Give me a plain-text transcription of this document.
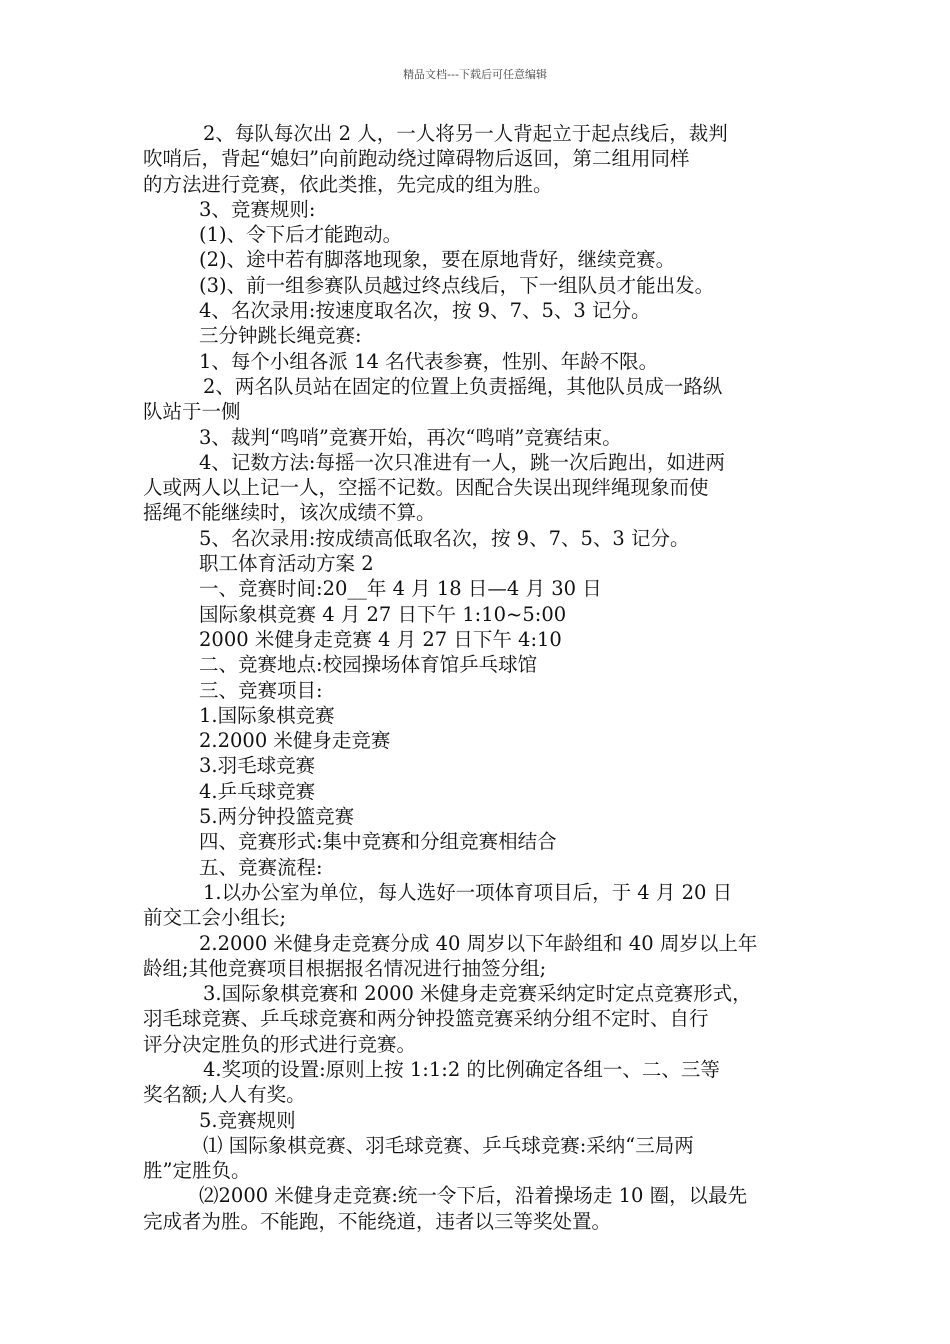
精品文档---下载后可任意编辑

2、每队每次出 2 人，一人将另一人背起立于起点线后，裁判

吹哨后，背起“媳妇”向前跑动绕过障碍物后返回，第二组用同样

的方法进行竞赛，依此类推，先完成的组为胜。

3、竞赛规则:

(1)、令下后才能跑动。

(2)、途中若有脚落地现象，要在原地背好，继续竞赛。

(3)、前一组参赛队员越过终点线后，下一组队员才能出发。

4、名次录用:按速度取名次，按 9、7、5、3 记分。

三分钟跳长绳竞赛:

1、每个小组各派 14 名代表参赛，性别、年龄不限。

2、两名队员站在固定的位置上负责摇绳，其他队员成一路纵

队站于一侧

3、裁判“鸣哨”竞赛开始，再次“鸣哨”竞赛结束。

4、记数方法:每摇一次只准进有一人，跳一次后跑出，如进两

人或两人以上记一人，空摇不记数。因配合失误出现绊绳现象而使

摇绳不能继续时，该次成绩不算。

5、名次录用:按成绩高低取名次，按 9、7、5、3 记分。

职工体育活动方案 2

一、竞赛时间:20__年 4 月 18 日—4 月 30 日

国际象棋竞赛 4 月 27 日下午 1:10~5:00

2000 米健身走竞赛 4 月 27 日下午 4:10

二、竞赛地点:校园操场体育馆乒乓球馆

三、竞赛项目:

1.国际象棋竞赛

2.2000 米健身走竞赛

3.羽毛球竞赛

4.乒乓球竞赛

5.两分钟投篮竞赛

四、竞赛形式:集中竞赛和分组竞赛相结合

五、竞赛流程:

1.以办公室为单位，每人选好一项体育项目后，于 4 月 20 日

前交工会小组长;

2.2000 米健身走竞赛分成 40 周岁以下年龄组和 40 周岁以上年

龄组;其他竞赛项目根据报名情况进行抽签分组;

3.国际象棋竞赛和 2000 米健身走竞赛采纳定时定点竞赛形式，

羽毛球竞赛、乒乓球竞赛和两分钟投篮竞赛采纳分组不定时、自行

评分决定胜负的形式进行竞赛。

4.奖项的设置:原则上按 1:1:2 的比例确定各组一、二、三等

奖名额;人人有奖。

5.竞赛规则

⑴ 国际象棋竞赛、羽毛球竞赛、乒乓球竞赛:采纳“三局两

胜”定胜负。

⑵2000 米健身走竞赛:统一令下后，沿着操场走 10 圈，以最先

完成者为胜。不能跑，不能绕道，违者以三等奖处置。
